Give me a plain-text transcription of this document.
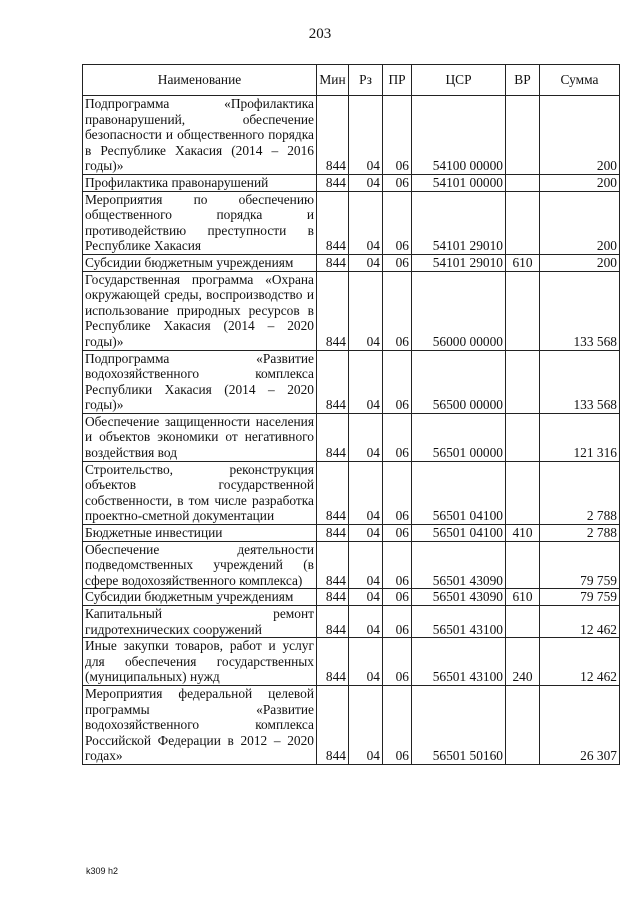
203
Наименование	Мин	Рз	ПР	ЦСР	ВР	Сумма
Подпрограмма «Профилактика правонарушений, обеспечение безопасности и общественного порядка в Республике Хакасия (2014 – 2016 годы)»	844	04	06	54100 00000		200
Профилактика правонарушений	844	04	06	54101 00000		200
Мероприятия по обеспечению общественного порядка и противодействию преступности в Республике Хакасия	844	04	06	54101 29010		200
Субсидии бюджетным учреждениям	844	04	06	54101 29010	610	200
Государственная программа «Охрана окружающей среды, воспроизводство и использование природных ресурсов в Республике Хакасия (2014 – 2020 годы)»	844	04	06	56000 00000		133 568
Подпрограмма «Развитие водохозяйственного комплекса Республики Хакасия (2014 – 2020 годы)»	844	04	06	56500 00000		133 568
Обеспечение защищенности населения и объектов экономики от негативного воздействия вод	844	04	06	56501 00000		121 316
Строительство, реконструкция объектов государственной собственности, в том числе разработка проектно-сметной документации	844	04	06	56501 04100		2 788
Бюджетные инвестиции	844	04	06	56501 04100	410	2 788
Обеспечение деятельности подведомственных учреждений (в сфере водохозяйственного комплекса)	844	04	06	56501 43090		79 759
Субсидии бюджетным учреждениям	844	04	06	56501 43090	610	79 759
Капитальный ремонт гидротехнических сооружений	844	04	06	56501 43100		12 462
Иные закупки товаров, работ и услуг для обеспечения государственных (муниципальных) нужд	844	04	06	56501 43100	240	12 462
Мероприятия федеральной целевой программы «Развитие водохозяйственного комплекса Российской Федерации в 2012 – 2020 годах»	844	04	06	56501 50160		26 307
k309 h2
